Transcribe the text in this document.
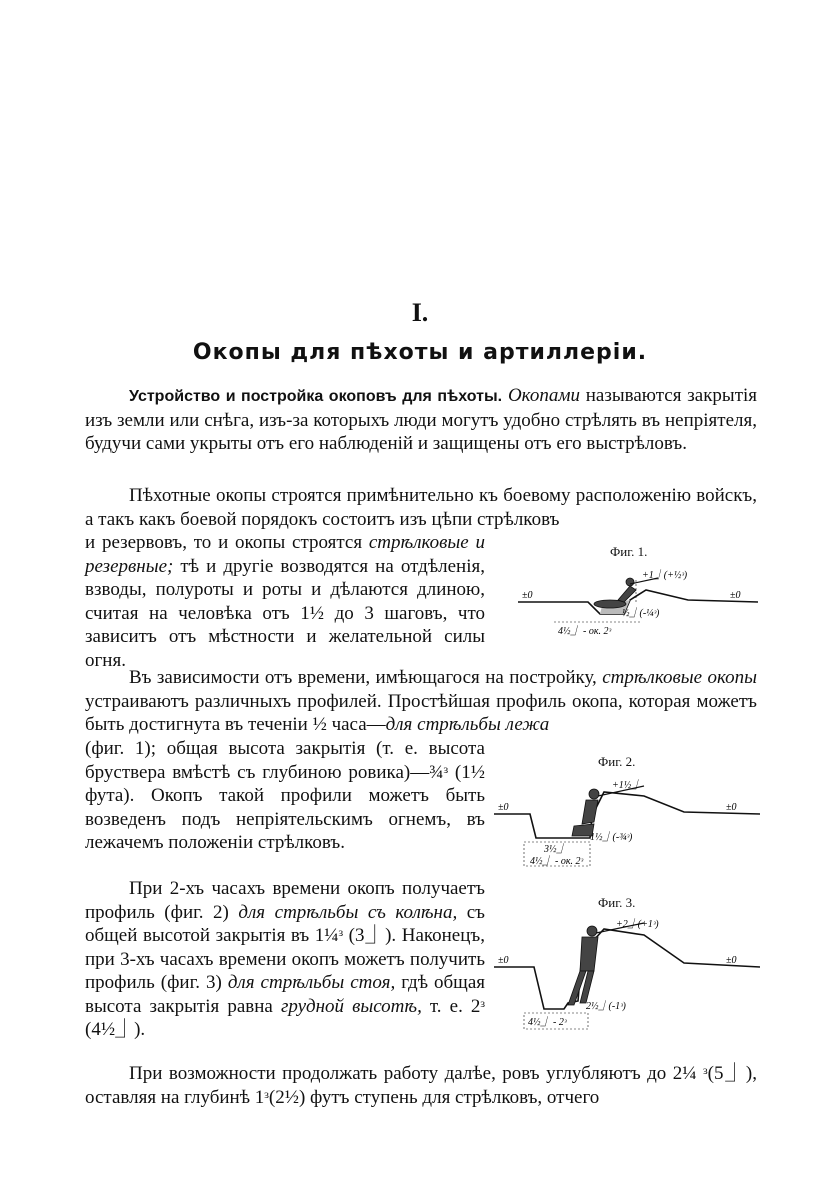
I.
Окопы для пѣхоты и артиллеріи.

Устройство и постройка окоповъ для пѣхоты. Окопами называются закрытія изъ земли или снѣга, изъ-за которыхъ люди могутъ удобно стрѣлять въ непріятеля, будучи сами укрыты отъ его наблюденій и защищены отъ его выстрѣловъ.

Пѣхотные окопы строятся примѣнительно къ боевому расположенію войскъ, а такъ какъ боевой порядокъ состоитъ изъ цѣпи стрѣлковъ

и резервовъ, то и окопы строятся стрѣлковые и резервные; тѣ и другіе возводятся на отдѣленія, взводы, полуроты и роты и дѣлаются длиною, считая на человѣка отъ 1½ до 3 шаговъ, что зависитъ отъ мѣстности и желательной силы огня.

Въ зависимости отъ времени, имѣющагося на постройку, стрѣлковые окопы устраиваютъ различныхъ профилей. Простѣйшая профиль окопа, которая можетъ быть достигнута въ теченіи ½ часа—для стрѣльбы лежа

(фиг. 1); общая высота закрытія (т. е. высота бруствера вмѣстѣ съ глубиною ровика)—¾ᶟ (1½ фута). Окопъ такой профили можетъ быть возведенъ подъ непріятельскимъ огнемъ, въ лежачемъ положеніи стрѣлковъ.

При 2-хъ часахъ времени окопъ получаетъ профиль (фиг. 2) для стрѣльбы съ колѣна, съ общей высотой закрытія въ 1¼ᶟ (3⏌). Наконецъ, при 3-хъ часахъ времени окопъ можетъ получить профиль (фиг. 3) для стрѣльбы стоя, гдѣ общая высота закрытія равна грудной высотѣ, т. е. 2ᶟ (4½⏌).

При возможности продолжать работу далѣе, ровъ углубляютъ до 2¼ ᶟ(5⏌), оставляя на глубинѣ 1ᶟ(2½) футъ ступень для стрѣлковъ, отчего

Фиг. 1.
±0	±0
+1⏌(+½ᶟ)
½⏌(-¼ᶟ)
4½⏌ - ок. 2ᶟ
Фиг. 2.
±0	±0
+1½⏌
1½⏌(-¾ᶟ)
3½⏌
4½⏌ - ок. 2ᶟ
Фиг. 3.
±0	±0
+2⏌(+1ᶟ)
2½⏌(-1ᶟ)
4½⏌ - 2ᶟ
